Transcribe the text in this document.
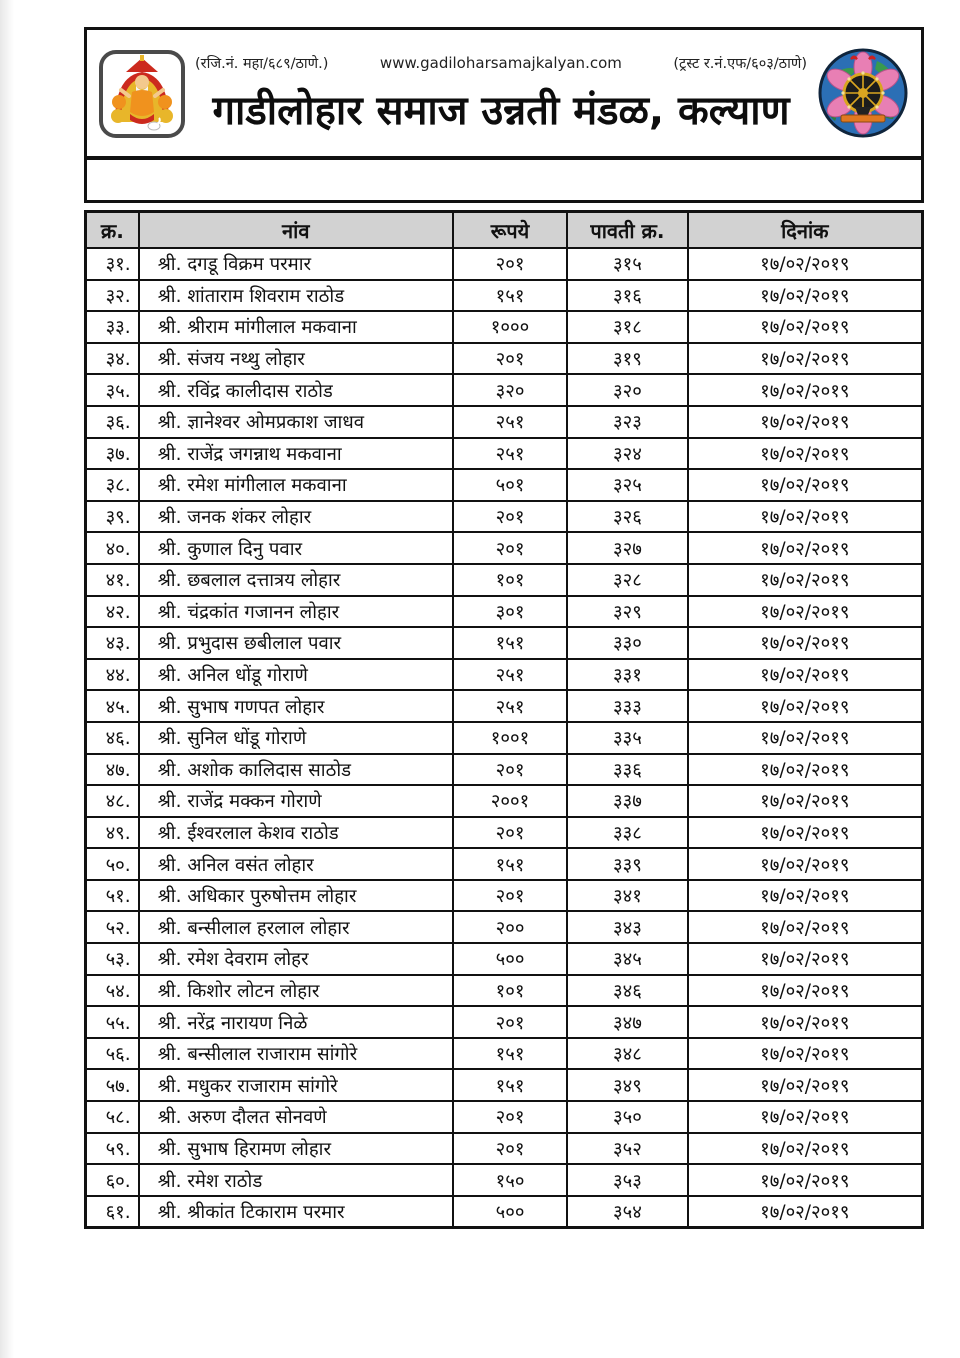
(रजि.नं. महा/६८९/ठाणे.)	www.gadiloharsamajkalyan.com	(ट्रस्ट र.नं.एफ/६०३/ठाणे)
गाडीलोहार समाज उन्नती मंडळ, कल्याण
क्र.	नांव	रूपये	पावती क्र.	दिनांक
३१.	श्री. दगडू विक्रम परमार	२०१	३१५	१७/०२/२०१९
३२.	श्री. शांताराम शिवराम राठोड	१५१	३१६	१७/०२/२०१९
३३.	श्री. श्रीराम मांगीलाल मकवाना	१०००	३१८	१७/०२/२०१९
३४.	श्री. संजय नथ्थु लोहार	२०१	३१९	१७/०२/२०१९
३५.	श्री. रविंद्र कालीदास राठोड	३२०	३२०	१७/०२/२०१९
३६.	श्री. ज्ञानेश्वर ओमप्रकाश जाधव	२५१	३२३	१७/०२/२०१९
३७.	श्री. राजेंद्र जगन्नाथ मकवाना	२५१	३२४	१७/०२/२०१९
३८.	श्री. रमेश मांगीलाल मकवाना	५०१	३२५	१७/०२/२०१९
३९.	श्री. जनक शंकर लोहार	२०१	३२६	१७/०२/२०१९
४०.	श्री. कुणाल दिनु पवार	२०१	३२७	१७/०२/२०१९
४१.	श्री. छबलाल दत्तात्रय लोहार	१०१	३२८	१७/०२/२०१९
४२.	श्री. चंद्रकांत गजानन लोहार	३०१	३२९	१७/०२/२०१९
४३.	श्री. प्रभुदास छबीलाल पवार	१५१	३३०	१७/०२/२०१९
४४.	श्री. अनिल धोंडू गोराणे	२५१	३३१	१७/०२/२०१९
४५.	श्री. सुभाष गणपत लोहार	२५१	३३३	१७/०२/२०१९
४६.	श्री. सुनिल धोंडू गोराणे	१००१	३३५	१७/०२/२०१९
४७.	श्री. अशोक कालिदास साठोड	२०१	३३६	१७/०२/२०१९
४८.	श्री. राजेंद्र मक्कन गोराणे	२००१	३३७	१७/०२/२०१९
४९.	श्री. ईश्वरलाल केशव राठोड	२०१	३३८	१७/०२/२०१९
५०.	श्री. अनिल वसंत लोहार	१५१	३३९	१७/०२/२०१९
५१.	श्री. अधिकार पुरुषोत्तम लोहार	२०१	३४१	१७/०२/२०१९
५२.	श्री. बन्सीलाल हरलाल लोहार	२००	३४३	१७/०२/२०१९
५३.	श्री. रमेश देवराम लोहर	५००	३४५	१७/०२/२०१९
५४.	श्री. किशोर लोटन लोहार	१०१	३४६	१७/०२/२०१९
५५.	श्री. नरेंद्र नारायण निळे	२०१	३४७	१७/०२/२०१९
५६.	श्री. बन्सीलाल राजाराम सांगोरे	१५१	३४८	१७/०२/२०१९
५७.	श्री. मधुकर राजाराम सांगोरे	१५१	३४९	१७/०२/२०१९
५८.	श्री. अरुण दौलत सोनवणे	२०१	३५०	१७/०२/२०१९
५९.	श्री. सुभाष हिरामण लोहार	२०१	३५२	१७/०२/२०१९
६०.	श्री. रमेश राठोड	१५०	३५३	१७/०२/२०१९
६१.	श्री. श्रीकांत टिकाराम परमार	५००	३५४	१७/०२/२०१९
